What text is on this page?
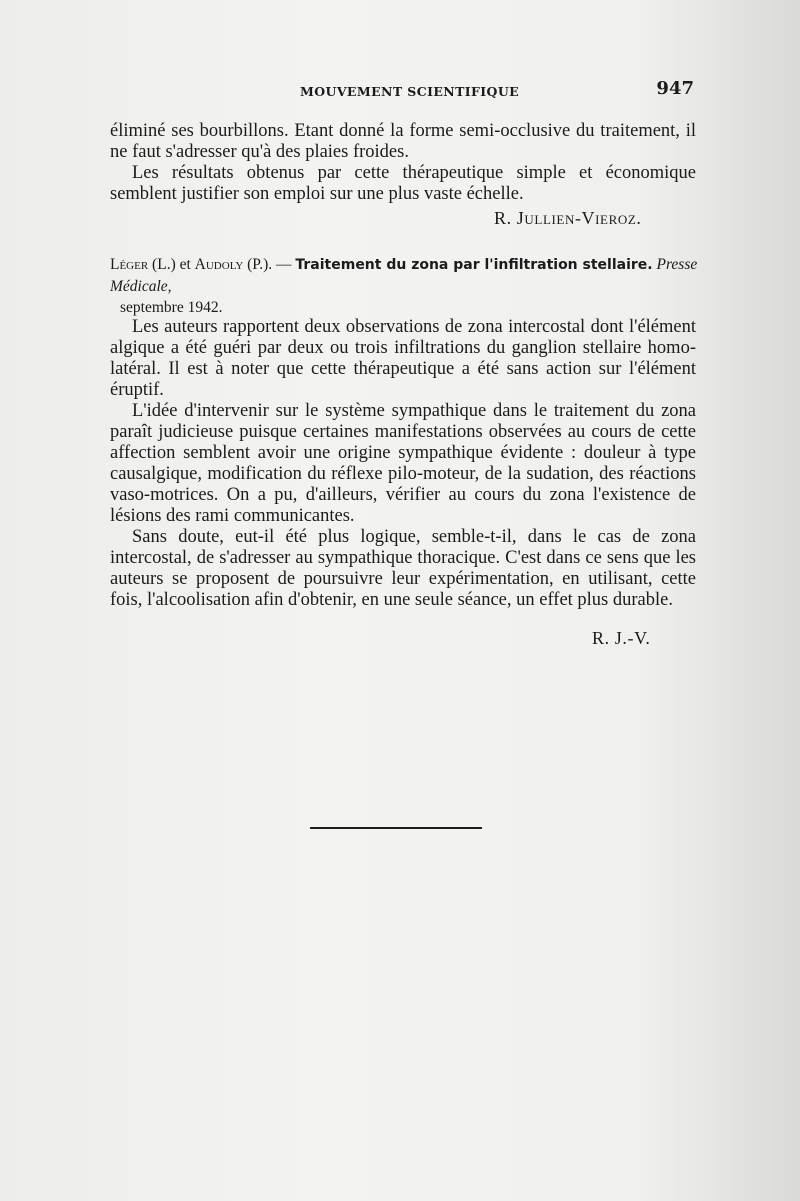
MOUVEMENT SCIENTIFIQUE	947

éliminé ses bourbillons. Etant donné la forme semi-occlusive du traitement, il ne faut s'adresser qu'à des plaies froides.

Les résultats obtenus par cette thérapeutique simple et économique semblent justifier son emploi sur une plus vaste échelle.

R. Jullien-Vieroz.
Léger (L.) et Audoly (P.). — Traitement du zona par l'infiltration stellaire. Presse Médicale,
septembre 1942.

Les auteurs rapportent deux observations de zona intercostal dont l'élément algique a été guéri par deux ou trois infiltrations du ganglion stellaire homo-latéral. Il est à noter que cette thérapeutique a été sans action sur l'élément éruptif.

L'idée d'intervenir sur le système sympathique dans le traitement du zona paraît judicieuse puisque certaines manifestations observées au cours de cette affection semblent avoir une origine sympathique évidente : douleur à type causalgique, modification du réflexe pilo-moteur, de la sudation, des réactions vaso-motrices. On a pu, d'ailleurs, vérifier au cours du zona l'existence de lésions des rami communicantes.

Sans doute, eut-il été plus logique, semble-t-il, dans le cas de zona intercostal, de s'adresser au sympathique thoracique. C'est dans ce sens que les auteurs se proposent de poursuivre leur expérimentation, en utilisant, cette fois, l'alcoolisation afin d'obtenir, en une seule séance, un effet plus durable.

R. J.-V.
